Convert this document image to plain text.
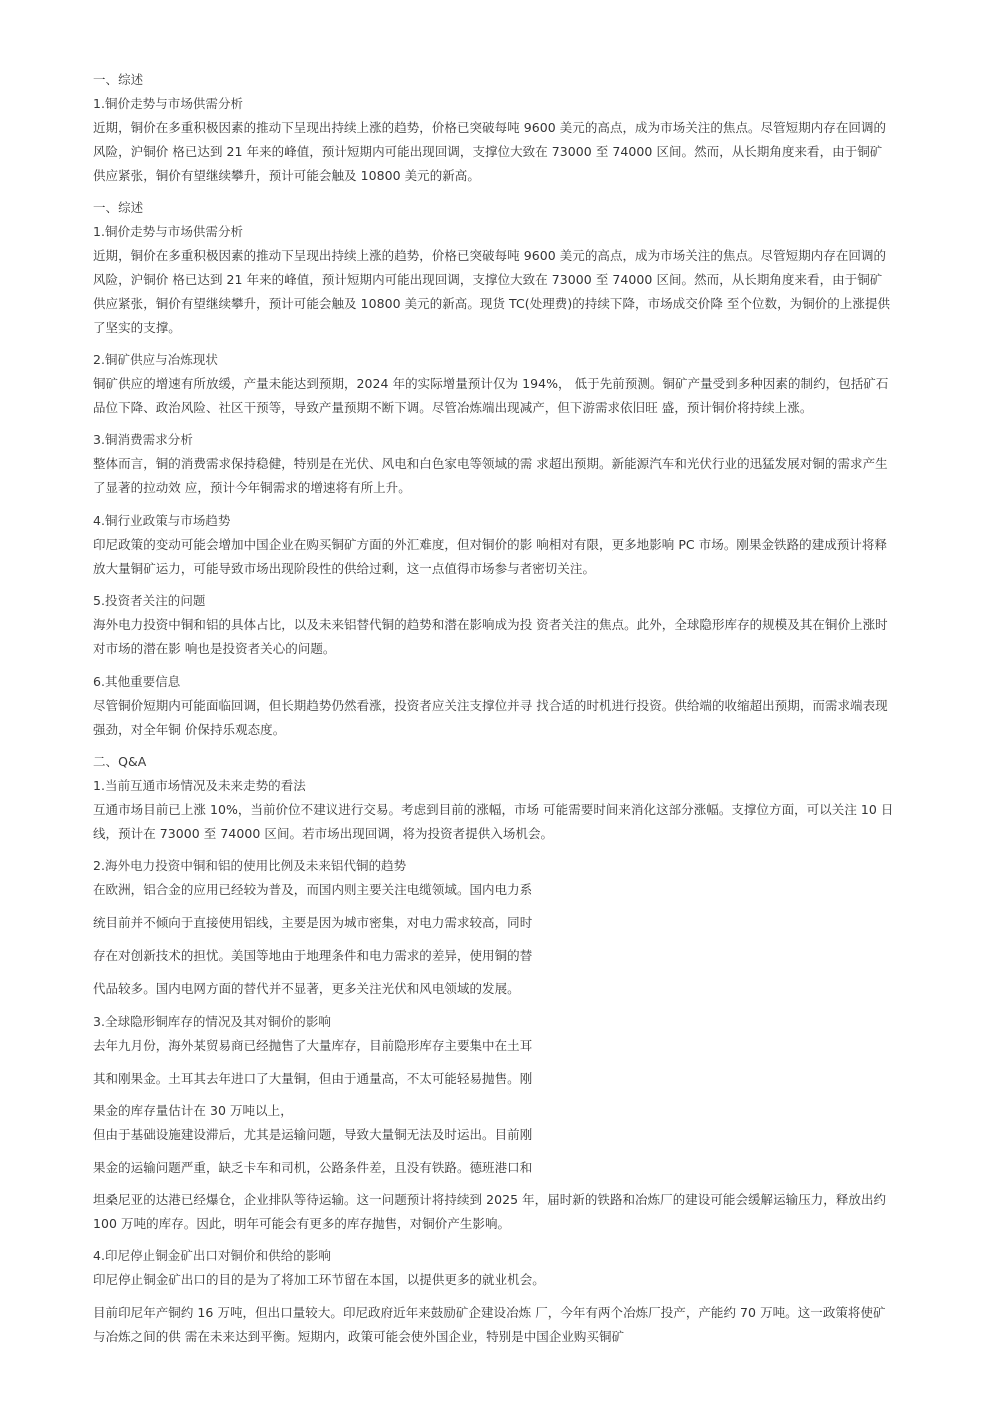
一、综述
1.铜价走势与市场供需分析
近期，铜价在多重积极因素的推动下呈现出持续上涨的趋势，价格已突破每吨 9600 美元的高点，成为市场关注的焦点。尽管短期内存在回调的
风险，沪铜价 格已达到 21 年来的峰值，预计短期内可能出现回调，支撑位大致在 73000 至 74000 区间。然而，从长期角度来看，由于铜矿
供应紧张，铜价有望继续攀升，预计可能会触及 10800 美元的新高。
一、综述
1.铜价走势与市场供需分析
近期，铜价在多重积极因素的推动下呈现出持续上涨的趋势，价格已突破每吨 9600 美元的高点，成为市场关注的焦点。尽管短期内存在回调的
风险，沪铜价 格已达到 21 年来的峰值，预计短期内可能出现回调，支撑位大致在 73000 至 74000 区间。然而，从长期角度来看，由于铜矿
供应紧张，铜价有望继续攀升，预计可能会触及 10800 美元的新高。现货 TC(处理费)的持续下降，市场成交价降 至个位数，为铜价的上涨提供
了坚实的支撑。
2.铜矿供应与冶炼现状
铜矿供应的增速有所放缓，产量未能达到预期，2024 年的实际增量预计仅为 194%， 低于先前预测。铜矿产量受到多种因素的制约，包括矿石
品位下降、政治风险、社区干预等，导致产量预期不断下调。尽管冶炼端出现减产，但下游需求依旧旺 盛，预计铜价将持续上涨。
3.铜消费需求分析
整体而言，铜的消费需求保持稳健，特别是在光伏、风电和白色家电等领域的需 求超出预期。新能源汽车和光伏行业的迅猛发展对铜的需求产生
了显著的拉动效 应，预计今年铜需求的增速将有所上升。
4.铜行业政策与市场趋势
印尼政策的变动可能会增加中国企业在购买铜矿方面的外汇难度，但对铜价的影 响相对有限，更多地影响 PC 市场。刚果金铁路的建成预计将释
放大量铜矿运力，可能导致市场出现阶段性的供给过剩，这一点值得市场参与者密切关注。
5.投资者关注的问题
海外电力投资中铜和铝的具体占比，以及未来铝替代铜的趋势和潜在影响成为投 资者关注的焦点。此外，全球隐形库存的规模及其在铜价上涨时
对市场的潜在影 响也是投资者关心的问题。
6.其他重要信息
尽管铜价短期内可能面临回调，但长期趋势仍然看涨，投资者应关注支撑位并寻 找合适的时机进行投资。供给端的收缩超出预期，而需求端表现
强劲，对全年铜 价保持乐观态度。
二、Q&A
1.当前互通市场情况及未来走势的看法
互通市场目前已上涨 10%，当前价位不建议进行交易。考虑到目前的涨幅，市场 可能需要时间来消化这部分涨幅。支撑位方面，可以关注 10 日
线，预计在 73000 至 74000 区间。若市场出现回调，将为投资者提供入场机会。
2.海外电力投资中铜和铝的使用比例及未来铝代铜的趋势
在欧洲，铝合金的应用已经较为普及，而国内则主要关注电缆领域。国内电力系
统目前并不倾向于直接使用铝线，主要是因为城市密集，对电力需求较高，同时
存在对创新技术的担忧。美国等地由于地理条件和电力需求的差异，使用铜的替
代品较多。国内电网方面的替代并不显著，更多关注光伏和风电领域的发展。
3.全球隐形铜库存的情况及其对铜价的影响
去年九月份，海外某贸易商已经抛售了大量库存，目前隐形库存主要集中在土耳
其和刚果金。土耳其去年进口了大量铜，但由于通量高，不太可能轻易抛售。刚
果金的库存量估计在 30 万吨以上，
但由于基础设施建设滞后，尤其是运输问题，导致大量铜无法及时运出。目前刚
果金的运输问题严重，缺乏卡车和司机，公路条件差，且没有铁路。德班港口和
坦桑尼亚的达港已经爆仓，企业排队等待运输。这一问题预计将持续到 2025 年，届时新的铁路和冶炼厂的建设可能会缓解运输压力，释放出约
100 万吨的库存。因此，明年可能会有更多的库存抛售，对铜价产生影响。
4.印尼停止铜金矿出口对铜价和供给的影响
印尼停止铜金矿出口的目的是为了将加工环节留在本国，以提供更多的就业机会。
目前印尼年产铜约 16 万吨，但出口量较大。印尼政府近年来鼓励矿企建设冶炼 厂，今年有两个冶炼厂投产，产能约 70 万吨。这一政策将使矿
与冶炼之间的供 需在未来达到平衡。短期内，政策可能会使外国企业，特别是中国企业购买铜矿
